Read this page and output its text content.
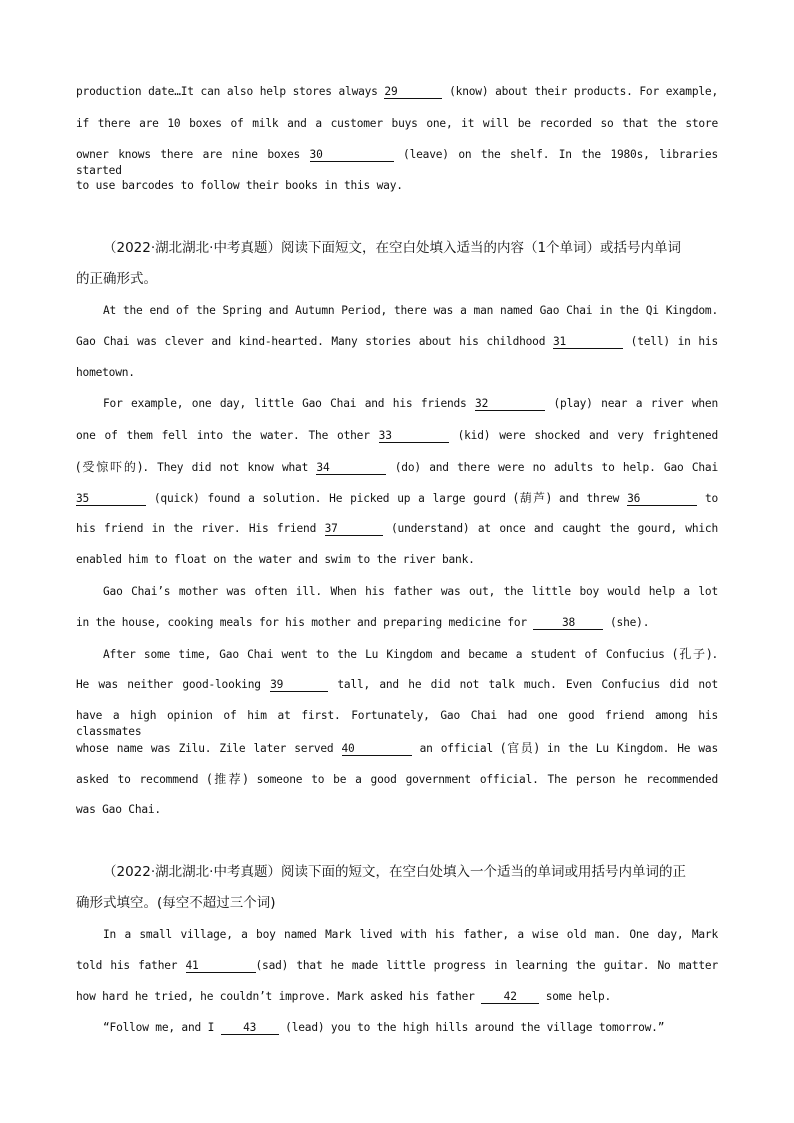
production date…It can also help stores always 29	(know) about their products. For example,
if there are 10 boxes of milk and a customer buys one, it will be recorded so that the store
owner knows there are nine boxes 30	(leave) on the shelf. In the 1980s, libraries started
to use barcodes to follow their books in this way.
（2022·湖北湖北·中考真题）阅读下面短文，在空白处填入适当的内容（1个单词）或括号内单词
的正确形式。
At the end of the Spring and Autumn Period, there was a man named Gao Chai in the Qi Kingdom.
Gao Chai was clever and kind-hearted. Many stories about his childhood 31	(tell) in his
hometown.
For example, one day, little Gao Chai and his friends 32	(play) near a river when
one of them fell into the water. The other 33	(kid) were shocked and very frightened
(受惊吓的). They did not know what 34	(do) and there were no adults to help. Gao Chai
35	(quick) found a solution. He picked up a large gourd (葫芦) and threw 36	to
his friend in the river. His friend 37	(understand) at once and caught the gourd, which
enabled him to float on the water and swim to the river bank.
Gao Chai’s mother was often ill. When his father was out, the little boy would help a lot
in the house, cooking meals for his mother and preparing medicine for	38	(she).
After some time, Gao Chai went to the Lu Kingdom and became a student of Confucius (孔子).
He was neither good-looking 39	tall, and he did not talk much. Even Confucius did not
have a high opinion of him at first. Fortunately, Gao Chai had one good friend among his classmates
whose name was Zilu. Zile later served 40	an official (官员) in the Lu Kingdom. He was
asked to recommend (推荐) someone to be a good government official. The person he recommended
was Gao Chai.
（2022·湖北湖北·中考真题）阅读下面的短文，在空白处填入一个适当的单词或用括号内单词的正
确形式填空。(每空不超过三个词)
In a small village, a boy named Mark lived with his father, a wise old man. One day, Mark
told his father 41	(sad) that he made little progress in learning the guitar. No matter
how hard he tried, he couldn’t improve. Mark asked his father 42 some help.
“Follow me, and I 43 (lead) you to the high hills around the village tomorrow.”
